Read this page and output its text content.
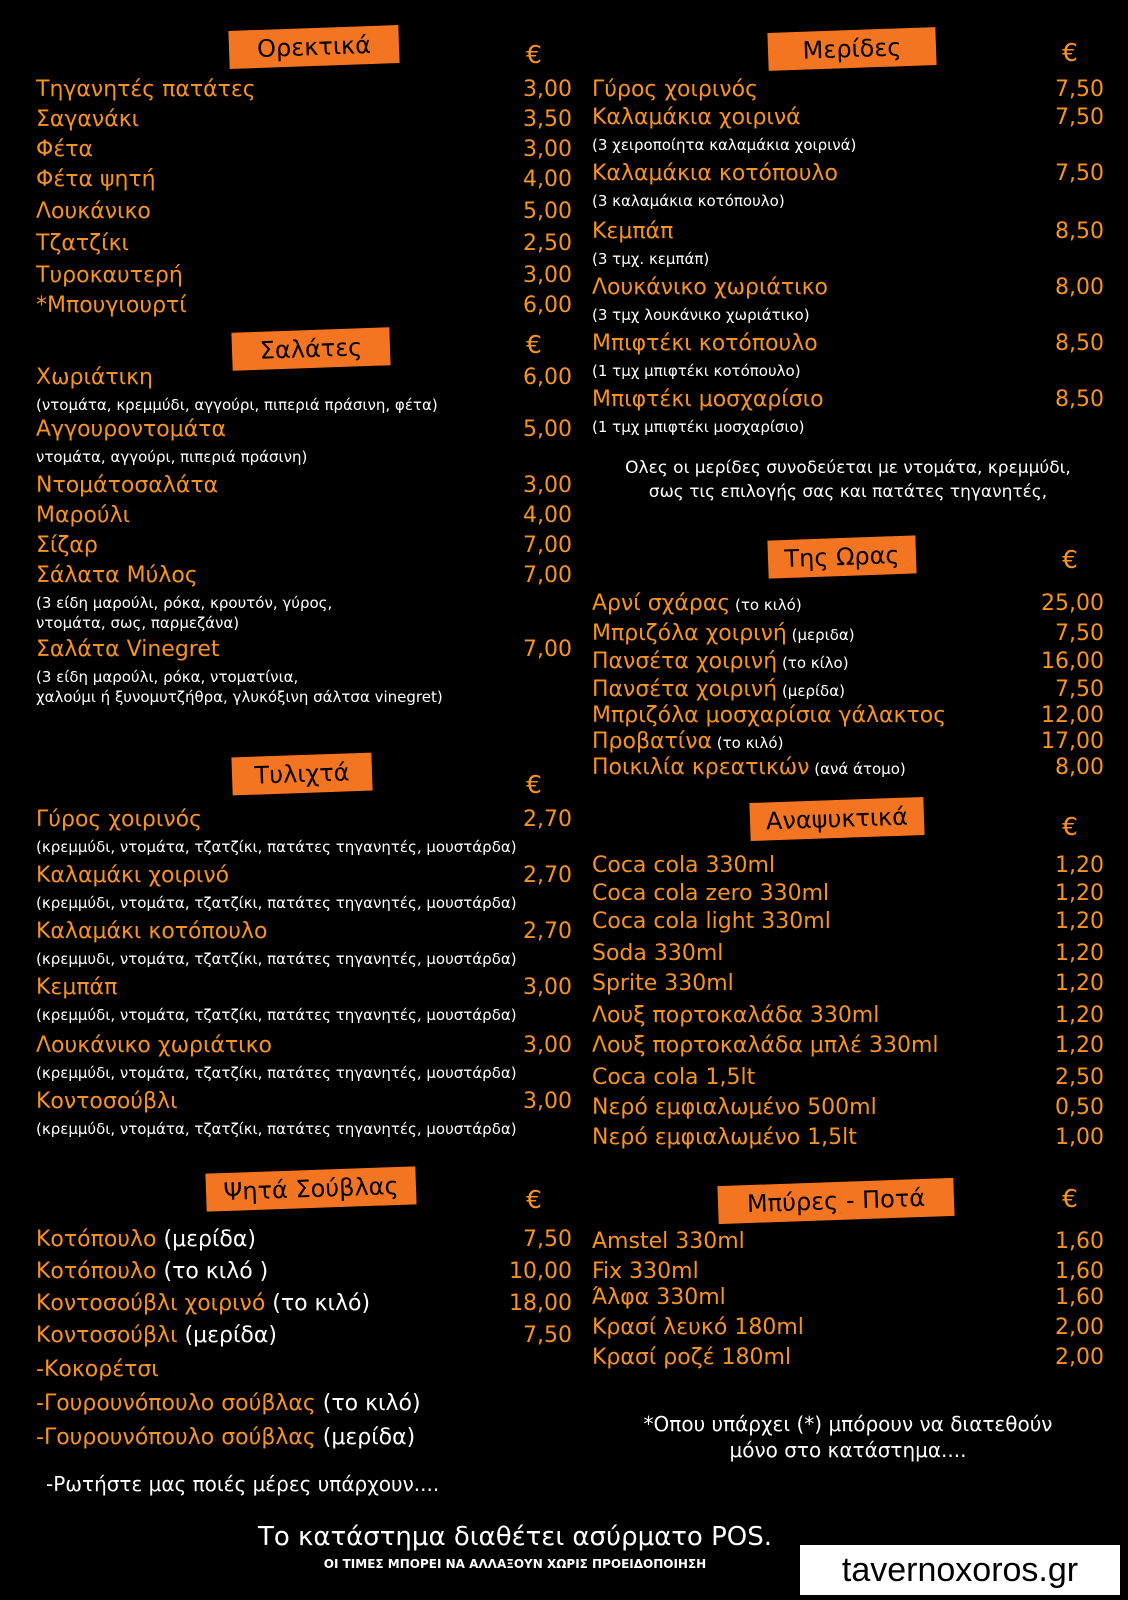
Ορεκτικά	€
Τηγανητές πατάτες	3,00
Σαγανάκι	3,50
Φέτα	3,00
Φέτα ψητή	4,00
Λουκάνικο	5,00
Τζατζίκι	2,50
Τυροκαυτερή	3,00
*Μπουγιουρτί	6,00
Σαλάτες	€
Χωριάτικη	6,00
(ντομάτα, κρεμμύδι, αγγούρι, πιπεριά πράσινη, φέτα)
Αγγουροντομάτα	5,00
ντομάτα, αγγούρι, πιπεριά πράσινη)
Ντομάτοσαλάτα	3,00
Μαρούλι	4,00
Σίζαρ	7,00
Σάλατα Μύλος	7,00
(3 είδη μαρούλι, ρόκα, κρουτόν, γύρος,
ντομάτα, σως, παρμεζάνα)
Σαλάτα Vinegret	7,00
(3 είδη μαρούλι, ρόκα, ντοματίνια,
χαλούμι ή ξυνομυτζήθρα, γλυκόξινη σάλτσα vinegret)
Τυλιχτά	€
Γύρος χοιρινός	2,70
(κρεμμύδι, ντομάτα, τζατζίκι, πατάτες τηγανητές, μουστάρδα)
Καλαμάκι χοιρινό	2,70
(κρεμμύδι, ντομάτα, τζατζίκι, πατάτες τηγανητές, μουστάρδα)
Καλαμάκι κοτόπουλο	2,70
(κρεμμυδι, ντομάτα, τζατζίκι, πατάτες τηγανητές, μουστάρδα)
Κεμπάπ	3,00
(κρεμμύδι, ντομάτα, τζατζίκι, πατάτες τηγανητές, μουστάρδα)
Λουκάνικο χωριάτικο	3,00
(κρεμμύδι, ντομάτα, τζατζίκι, πατάτες τηγανητές, μουστάρδα)
Κοντοσούβλι	3,00
(κρεμμύδι, ντομάτα, τζατζίκι, πατάτες τηγανητές, μουστάρδα)
Ψητά Σούβλας	€
Κοτόπουλο (μερίδα)	7,50
Κοτόπουλο (το κιλό )	10,00
Κοντοσούβλι χοιρινό (το κιλό)	18,00
Κοντοσούβλι (μερίδα)	7,50
-Κοκορέτσι
-Γουρουνόπουλο σούβλας (το κιλό)
-Γουρουνόπουλο σούβλας (μερίδα)
-Ρωτήστε μας ποιές μέρες υπάρχουν....
Μερίδες	€
Γύρος χοιρινός	7,50
Καλαμάκια χοιρινά	7,50
(3 χειροποίητα καλαμάκια χοιρινά)
Καλαμάκια κοτόπουλο	7,50
(3 καλαμάκια κοτόπουλο)
Κεμπάπ	8,50
(3 τμχ. κεμπάπ)
Λουκάνικο χωριάτικο	8,00
(3 τμχ λουκάνικο χωριάτικο)
Μπιφτέκι κοτόπουλο	8,50
(1 τμχ μπιφτέκι κοτόπουλο)
Μπιφτέκι μοσχαρίσιο	8,50
(1 τμχ μπιφτέκι μοσχαρίσιο)
Ολες οι μερίδες συνοδεύεται με ντομάτα, κρεμμύδι,
σως τις επιλογής σας και πατάτες τηγανητές,
Της Ωρας	€
Αρνί σχάρας (το κιλό)	25,00
Μπριζόλα χοιρινή (μεριδα)	7,50
Πανσέτα χοιρινή (το κίλο)	16,00
Πανσέτα χοιρινή (μερίδα)	7,50
Μπριζόλα μοσχαρίσια γάλακτος	12,00
Προβατίνα (το κιλό)	17,00
Ποικιλία κρεατικών (ανά άτομο)	8,00
Αναψυκτικά	€
Coca cola 330ml	1,20
Coca cola zero 330ml	1,20
Coca cola light 330ml	1,20
Soda 330ml	1,20
Sprite 330ml	1,20
Λουξ πορτοκαλάδα 330ml	1,20
Λουξ πορτοκαλάδα μπλέ 330ml	1,20
Coca cola 1,5lt	2,50
Νερό εμφιαλωμένο 500ml	0,50
Νερό εμφιαλωμένο 1,5lt	1,00
Μπύρες - Ποτά	€
Amstel 330ml	1,60
Fix 330ml	1,60
Άλφα 330ml	1,60
Κρασί λευκό 180ml	2,00
Κρασί ροζέ 180ml	2,00
*Οπου υπάρχει (*) μπόρουν να διατεθούν
μόνο στο κατάστημα....
Το κατάστημα διαθέτει ασύρματο POS.
ΟΙ ΤΙΜΕΣ ΜΠΟΡΕΙ ΝΑ ΑΛΛΑΞΟΥΝ ΧΩΡΙΣ ΠΡΟΕΙΔΟΠΟΙΗΣΗ	tavernoxoros.gr
